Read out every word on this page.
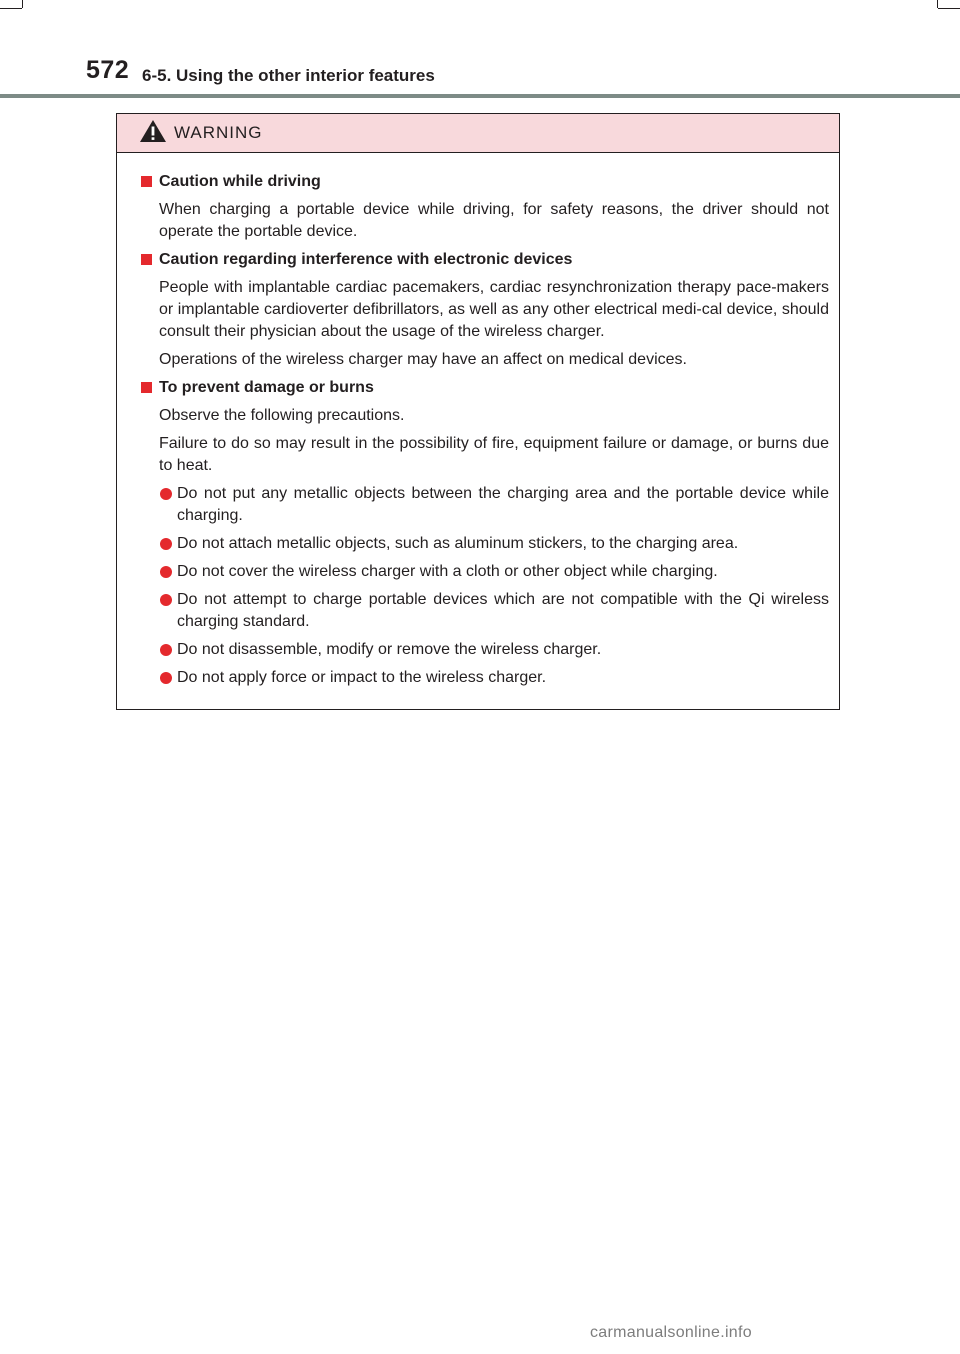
572 6-5. Using the other interior features
WARNING
Caution while driving
When charging a portable device while driving, for safety reasons, the driver should not operate the portable device.
Caution regarding interference with electronic devices
People with implantable cardiac pacemakers, cardiac resynchronization therapy pace-makers or implantable cardioverter defibrillators, as well as any other electrical medi-cal device, should consult their physician about the usage of the wireless charger.
Operations of the wireless charger may have an affect on medical devices.
To prevent damage or burns
Observe the following precautions.
Failure to do so may result in the possibility of fire, equipment failure or damage, or burns due to heat.
Do not put any metallic objects between the charging area and the portable device while charging.
Do not attach metallic objects, such as aluminum stickers, to the charging area.
Do not cover the wireless charger with a cloth or other object while charging.
Do not attempt to charge portable devices which are not compatible with the Qi wireless charging standard.
Do not disassemble, modify or remove the wireless charger.
Do not apply force or impact to the wireless charger.
carmanualsonline.info
